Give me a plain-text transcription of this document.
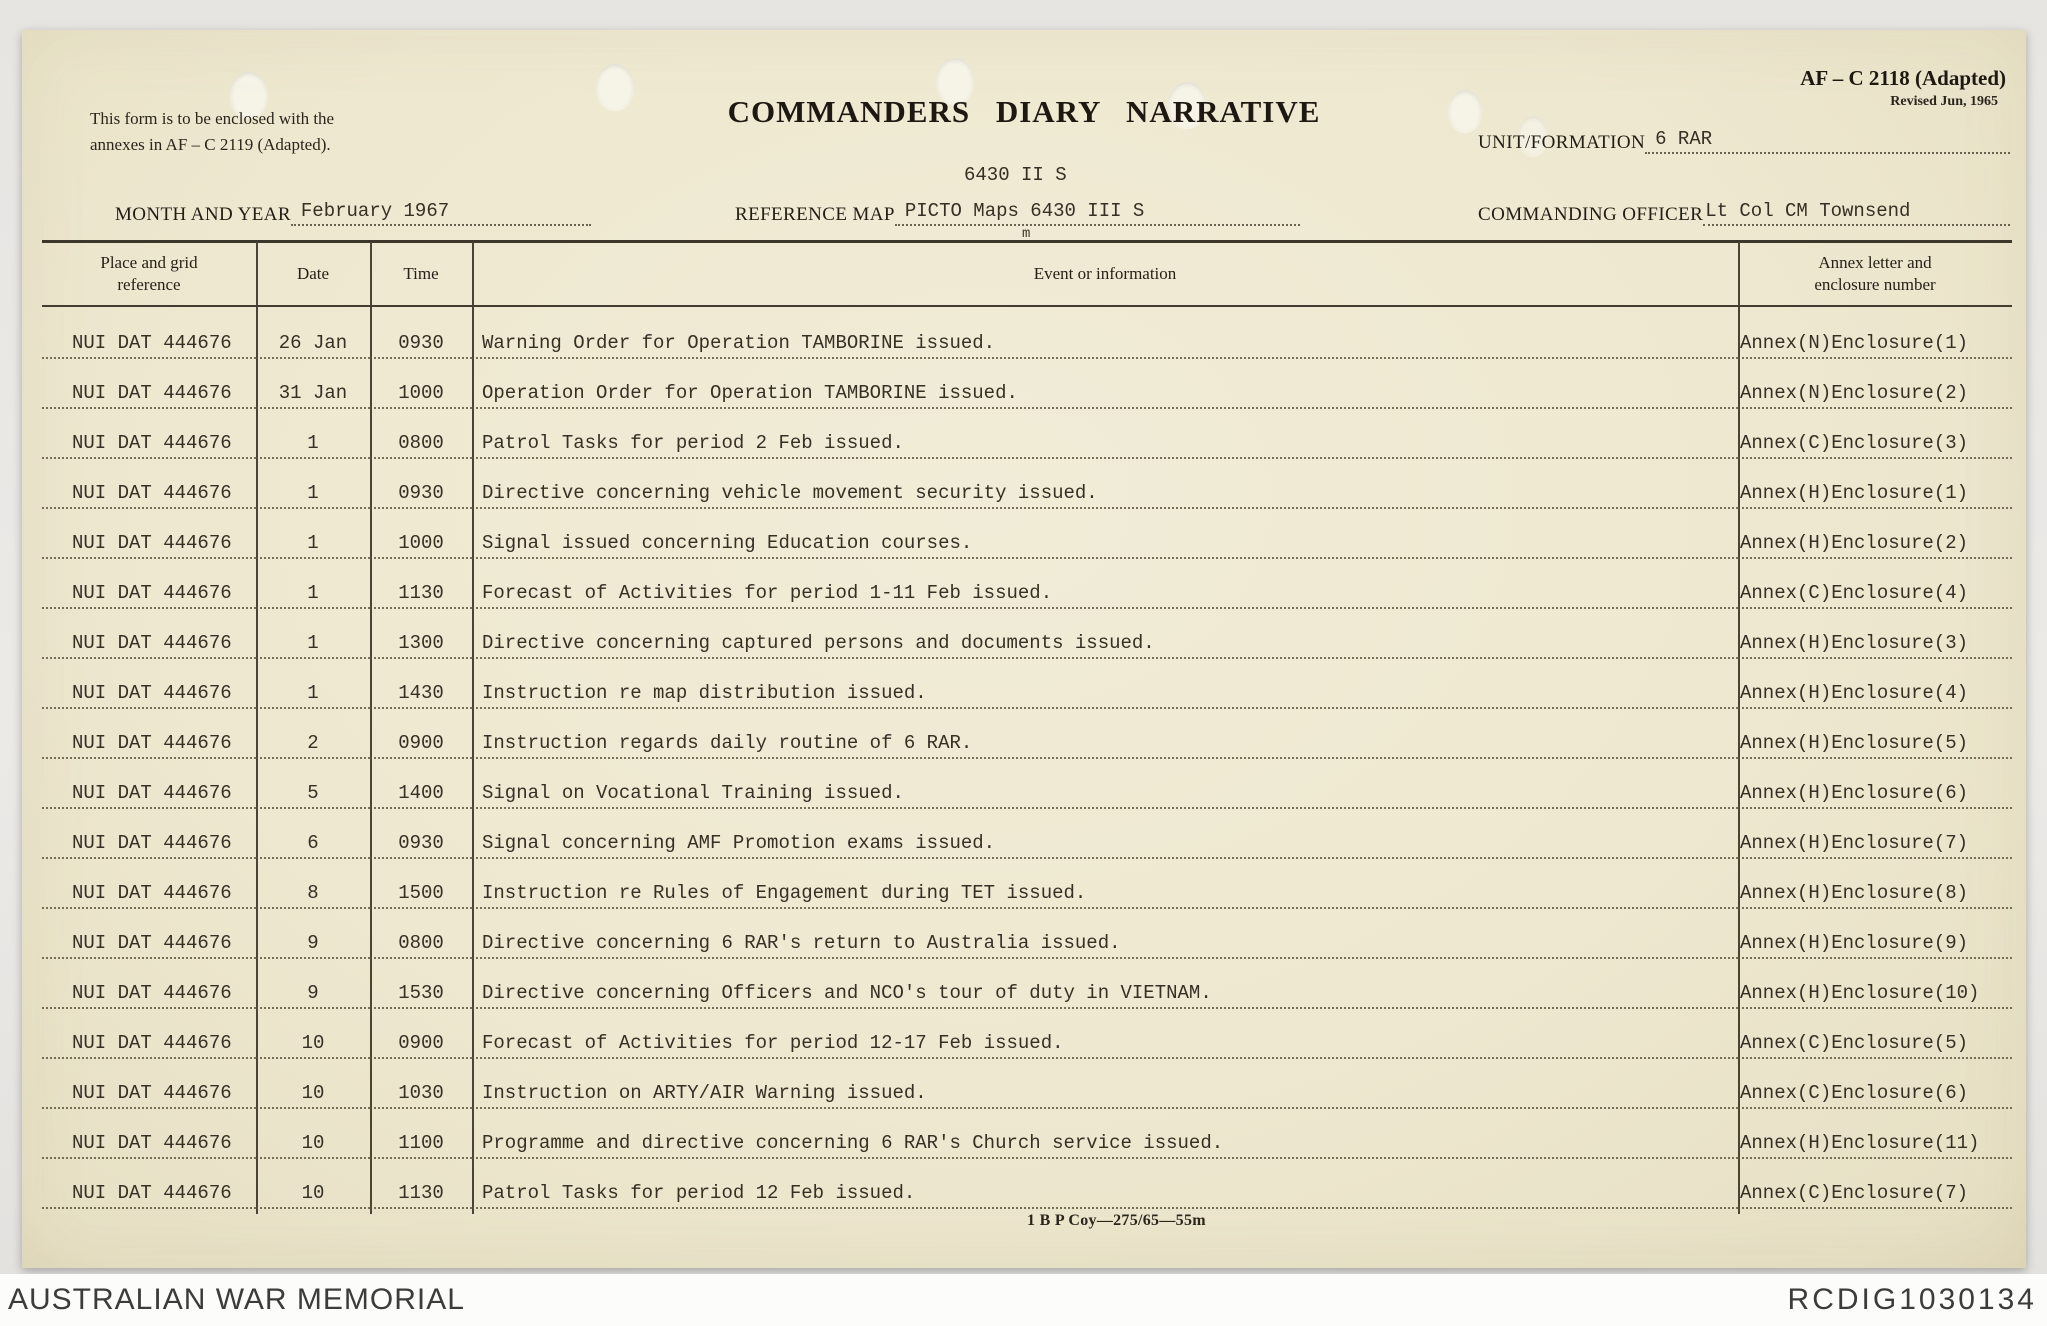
This form is to be enclosed with the
annexes in AF – C 2119 (Adapted).
COMMANDERS DIARY NARRATIVE
AF – C 2118 (Adapted)
Revised Jun, 1965
UNIT/FORMATION 6 RAR
6430 II S
m
MONTH AND YEAR February 1967	REFERENCE MAP PICTO Maps 6430 III S	COMMANDING OFFICER Lt Col CM Townsend
Place and grid
reference
Date	Time	Event or information
Annex letter and
enclosure number
NUI DAT 444676	26 Jan	0930	Warning Order for Operation TAMBORINE issued.	Annex(N)Enclosure(1)
NUI DAT 444676	31 Jan	1000	Operation Order for Operation TAMBORINE issued.	Annex(N)Enclosure(2)
NUI DAT 444676	1	0800	Patrol Tasks for period 2 Feb issued.	Annex(C)Enclosure(3)
NUI DAT 444676	1	0930	Directive concerning vehicle movement security issued.	Annex(H)Enclosure(1)
NUI DAT 444676	1	1000	Signal issued concerning Education courses.	Annex(H)Enclosure(2)
NUI DAT 444676	1	1130	Forecast of Activities for period 1-11 Feb issued.	Annex(C)Enclosure(4)
NUI DAT 444676	1	1300	Directive concerning captured persons and documents issued.	Annex(H)Enclosure(3)
NUI DAT 444676	1	1430	Instruction re map distribution issued.	Annex(H)Enclosure(4)
NUI DAT 444676	2	0900	Instruction regards daily routine of 6 RAR.	Annex(H)Enclosure(5)
NUI DAT 444676	5	1400	Signal on Vocational Training issued.	Annex(H)Enclosure(6)
NUI DAT 444676	6	0930	Signal concerning AMF Promotion exams issued.	Annex(H)Enclosure(7)
NUI DAT 444676	8	1500	Instruction re Rules of Engagement during TET issued.	Annex(H)Enclosure(8)
NUI DAT 444676	9	0800	Directive concerning 6 RAR's return to Australia issued.	Annex(H)Enclosure(9)
NUI DAT 444676	9	1530	Directive concerning Officers and NCO's tour of duty in VIETNAM.	Annex(H)Enclosure(10)
NUI DAT 444676	10	0900	Forecast of Activities for period 12-17 Feb issued.	Annex(C)Enclosure(5)
NUI DAT 444676	10	1030	Instruction on ARTY/AIR Warning issued.	Annex(C)Enclosure(6)
NUI DAT 444676	10	1100	Programme and directive concerning 6 RAR's Church service issued.	Annex(H)Enclosure(11)
NUI DAT 444676	10	1130	Patrol Tasks for period 12 Feb issued.	Annex(C)Enclosure(7)
1 B P Coy—275/65—55m
AUSTRALIAN WAR MEMORIAL	RCDIG1030134
